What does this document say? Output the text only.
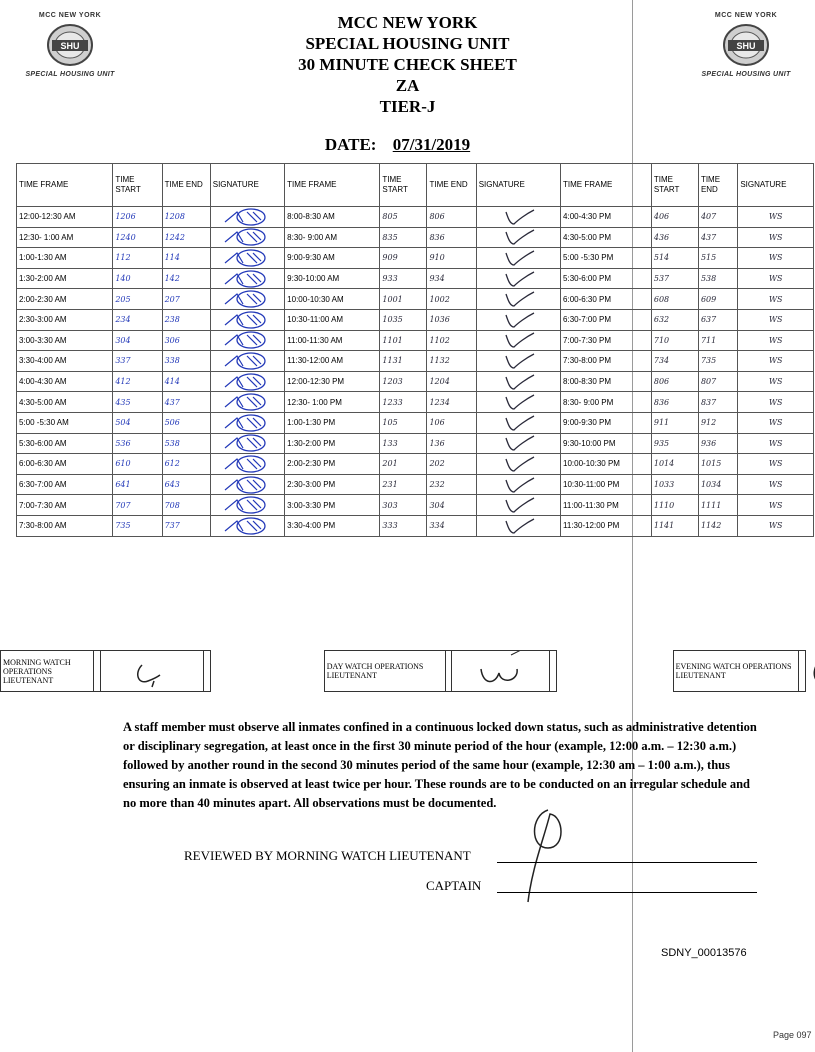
MCC NEW YORK
SHU
SPECIAL HOUSING UNIT
MCC NEW YORK
SHU
SPECIAL HOUSING UNIT
MCC NEW YORK
SPECIAL HOUSING UNIT
30 MINUTE CHECK SHEET
ZA
TIER-J
DATE: 07/31/2019
TIME FRAME	TIME START	TIME END	SIGNATURE	TIME FRAME	TIME START	TIME END	SIGNATURE	TIME FRAME	TIME START	TIME END	SIGNATURE
12:00-12:30 AM	1206	1208		8:00-8:30 AM	805	806		4:00-4:30 PM	406	407	WS
12:30- 1:00 AM	1240	1242		8:30- 9:00 AM	835	836		4:30-5:00 PM	436	437	WS
1:00-1:30 AM	112	114		9:00-9:30 AM	909	910		5:00 -5:30 PM	514	515	WS
1:30-2:00 AM	140	142		9:30-10:00 AM	933	934		5:30-6:00 PM	537	538	WS
2:00-2:30 AM	205	207		10:00-10:30 AM	1001	1002		6:00-6:30 PM	608	609	WS
2:30-3:00 AM	234	238		10:30-11:00 AM	1035	1036		6:30-7:00 PM	632	637	WS
3:00-3:30 AM	304	306		11:00-11:30 AM	1101	1102		7:00-7:30 PM	710	711	WS
3:30-4:00 AM	337	338		11:30-12:00 AM	1131	1132		7:30-8:00 PM	734	735	WS
4:00-4:30 AM	412	414		12:00-12:30 PM	1203	1204		8:00-8:30 PM	806	807	WS
4:30-5:00 AM	435	437		12:30- 1:00 PM	1233	1234		8:30- 9:00 PM	836	837	WS
5:00 -5:30 AM	504	506		1:00-1:30 PM	105	106		9:00-9:30 PM	911	912	WS
5:30-6:00 AM	536	538		1:30-2:00 PM	133	136		9:30-10:00 PM	935	936	WS
6:00-6:30 AM	610	612		2:00-2:30 PM	201	202		10:00-10:30 PM	1014	1015	WS
6:30-7:00 AM	641	643		2:30-3:00 PM	231	232		10:30-11:00 PM	1033	1034	WS
7:00-7:30 AM	707	708		3:00-3:30 PM	303	304		11:00-11:30 PM	1110	1111	WS
7:30-8:00 AM	735	737		3:30-4:00 PM	333	334		11:30-12:00 PM	1141	1142	WS
MORNING WATCH OPERATIONS LIEUTENANT						DAY WATCH OPERATIONS LIEUTENANT						EVENING WATCH OPERATIONS LIEUTENANT	
A staff member must observe all inmates confined in a continuous locked down status, such as administrative detention or disciplinary segregation, at least once in the first 30 minute period of the hour (example, 12:00 a.m. – 12:30 a.m.) followed by another round in the second 30 minutes period of the same hour (example, 12:30 am – 1:00 a.m.), thus ensuring an inmate is observed at least twice per hour. These rounds are to be conducted on an irregular schedule and no more than 40 minutes apart. All observations must be documented.
REVIEWED BY MORNING WATCH LIEUTENANT
CAPTAIN
SDNY_00013576
Page 097
